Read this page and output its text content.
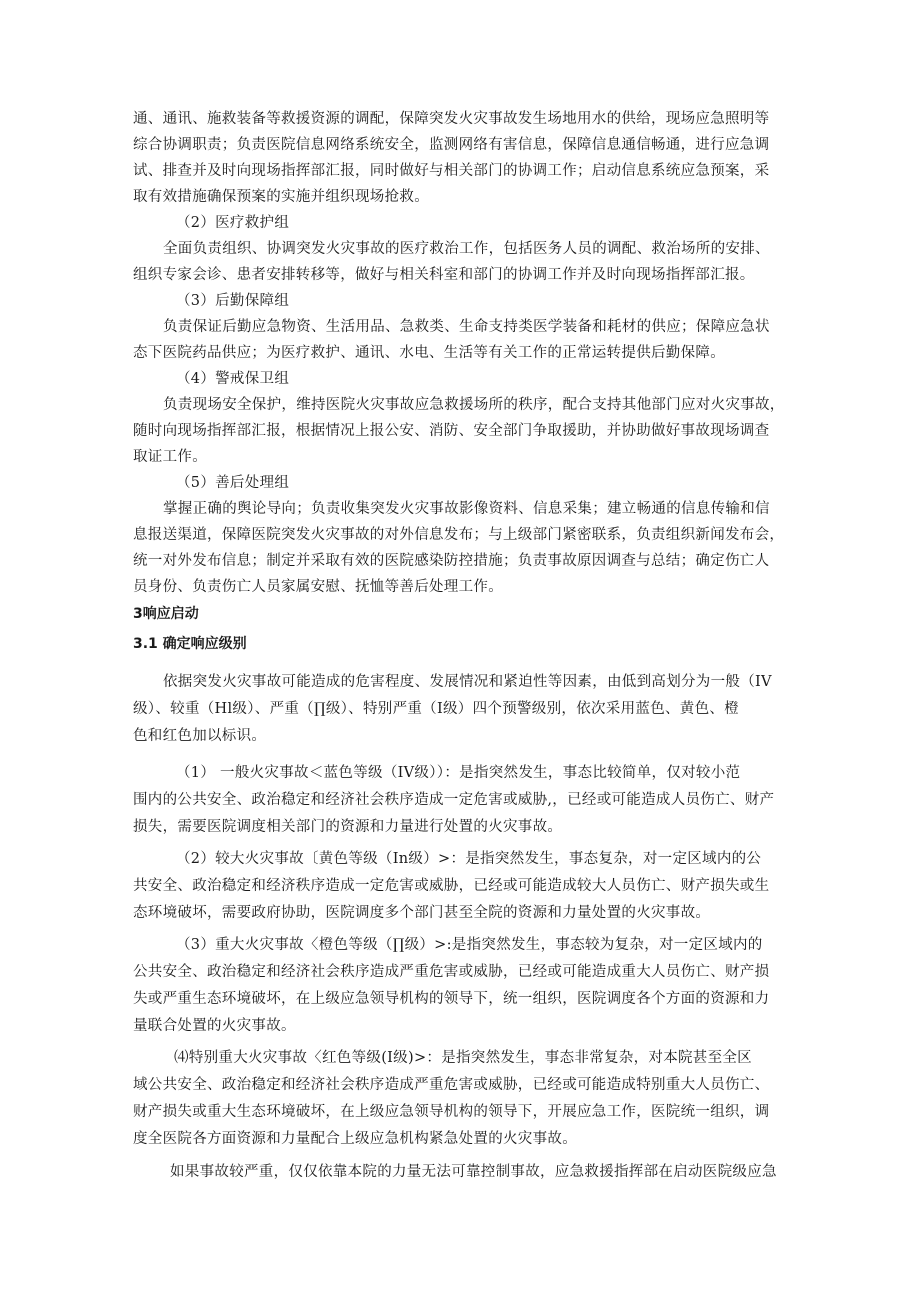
通、通讯、施救装备等救援资源的调配，保障突发火灾事故发生场地用水的供给，现场应急照明等
综合协调职责；负责医院信息网络系统安全，监测网络有害信息，保障信息通信畅通，进行应急调
试、排查并及时向现场指挥部汇报，同时做好与相关部门的协调工作；启动信息系统应急预案，采
取有效措施确保预案的实施并组织现场抢救。
（2）医疗救护组
全面负责组织、协调突发火灾事故的医疗救治工作，包括医务人员的调配、救治场所的安排、
组织专家会诊、患者安排转移等，做好与相关科室和部门的协调工作并及时向现场指挥部汇报。
（3）后勤保障组
负责保证后勤应急物资、生活用品、急救类、生命支持类医学装备和耗材的供应；保障应急状
态下医院药品供应；为医疗救护、通讯、水电、生活等有关工作的正常运转提供后勤保障。
（4）警戒保卫组
负责现场安全保护，维持医院火灾事故应急救援场所的秩序，配合支持其他部门应对火灾事故，
随时向现场指挥部汇报，根据情况上报公安、消防、安全部门争取援助，并协助做好事故现场调查
取证工作。
（5）善后处理组
掌握正确的舆论导向；负责收集突发火灾事故影像资料、信息采集；建立畅通的信息传输和信
息报送渠道，保障医院突发火灾事故的对外信息发布；与上级部门紧密联系，负责组织新闻发布会，
统一对外发布信息；制定并采取有效的医院感染防控措施；负责事故原因调查与总结；确定伤亡人
员身份、负责伤亡人员家属安慰、抚恤等善后处理工作。
3响应启动
3.1 确定响应级别
依据突发火灾事故可能造成的危害程度、发展情况和紧迫性等因素，由低到高划分为一般（IV
级）、较重（Hl级）、严重（∏级）、特别严重（I级）四个预警级别，依次采用蓝色、黄色、橙
色和红色加以标识。
（1） 一般火灾事故＜蓝色等级（IV级））：是指突然发生，事态比较简单，仅对较小范
围内的公共安全、政治稳定和经济社会秩序造成一定危害或威胁,，已经或可能造成人员伤亡、财产
损失，需要医院调度相关部门的资源和力量进行处置的火灾事故。
（2）较大火灾事故〔黄色等级（In级）>：是指突然发生，事态复杂，对一定区域内的公
共安全、政治稳定和经济秩序造成一定危害或威胁，已经或可能造成较大人员伤亡、财产损失或生
态环境破坏，需要政府协助，医院调度多个部门甚至全院的资源和力量处置的火灾事故。
（3）重大火灾事故〈橙色等级（∏级）>:是指突然发生，事态较为复杂，对一定区域内的
公共安全、政治稳定和经济社会秩序造成严重危害或威胁，已经或可能造成重大人员伤亡、财产损
失或严重生态环境破坏，在上级应急领导机构的领导下，统一组织，医院调度各个方面的资源和力
量联合处置的火灾事故。
⑷特别重大火灾事故〈红色等级(I级)>：是指突然发生，事态非常复杂，对本院甚至全区
域公共安全、政治稳定和经济社会秩序造成严重危害或威胁，已经或可能造成特别重大人员伤亡、
财产损失或重大生态环境破坏，在上级应急领导机构的领导下，开展应急工作，医院统一组织，调
度全医院各方面资源和力量配合上级应急机构紧急处置的火灾事故。
如果事故较严重，仅仅依靠本院的力量无法可靠控制事故，应急救援指挥部在启动医院级应急
